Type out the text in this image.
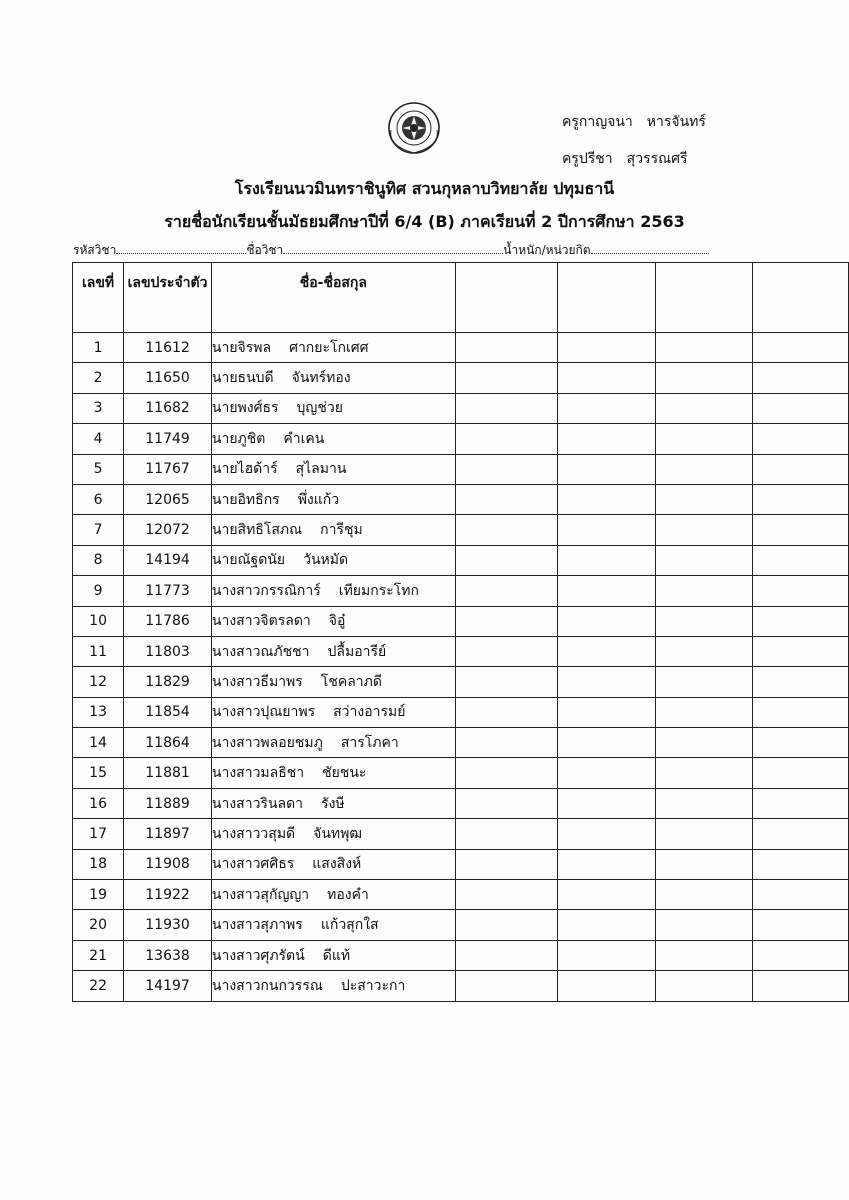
ครูกาญจนา หารจันทร์
ครูปรีชา สุวรรณศรี
โรงเรียนนวมินทราชินูทิศ สวนกุหลาบวิทยาลัย ปทุมธานี
รายชื่อนักเรียนชั้นมัธยมศึกษาปีที่ 6/4 (B) ภาคเรียนที่ 2 ปีการศึกษา 2563
รหัสวิชา	ชื่อวิชา	น้ำหนัก/หน่วยกิต
เลขที่	เลขประจำตัว	ชื่อ-ชื่อสกุล				
1	11612	นายจิรพล ศากยะโกเศศ				
2	11650	นายธนบดี จันทร์ทอง				
3	11682	นายพงศ์ธร บุญช่วย				
4	11749	นายภูชิต คำเคน				
5	11767	นายไฮด้าร์ สุไลมาน				
6	12065	นายอิทธิกร พึ่งแก้ว				
7	12072	นายสิทธิโสภณ การีชุม				
8	14194	นายณัฐดนัย วันหมัด				
9	11773	นางสาวกรรณิการ์ เทียมกระโทก				
10	11786	นางสาวจิตรลดา จิอู๋				
11	11803	นางสาวณภัชชา ปลื้มอารีย์				
12	11829	นางสาวธีมาพร โชคลาภดี				
13	11854	นางสาวปุณยาพร สว่างอารมย์				
14	11864	นางสาวพลอยชมภู สารโภคา				
15	11881	นางสาวมลธิชา ชัยชนะ				
16	11889	นางสาวรินลดา รังษี				
17	11897	นางสาววสุมดี จันทพุฒ				
18	11908	นางสาวศศิธร แสงสิงห์				
19	11922	นางสาวสุกัญญา ทองคำ				
20	11930	นางสาวสุภาพร แก้วสุกใส				
21	13638	นางสาวศุภรัตน์ ดีแท้				
22	14197	นางสาวกนกวรรณ ปะสาวะกา				
